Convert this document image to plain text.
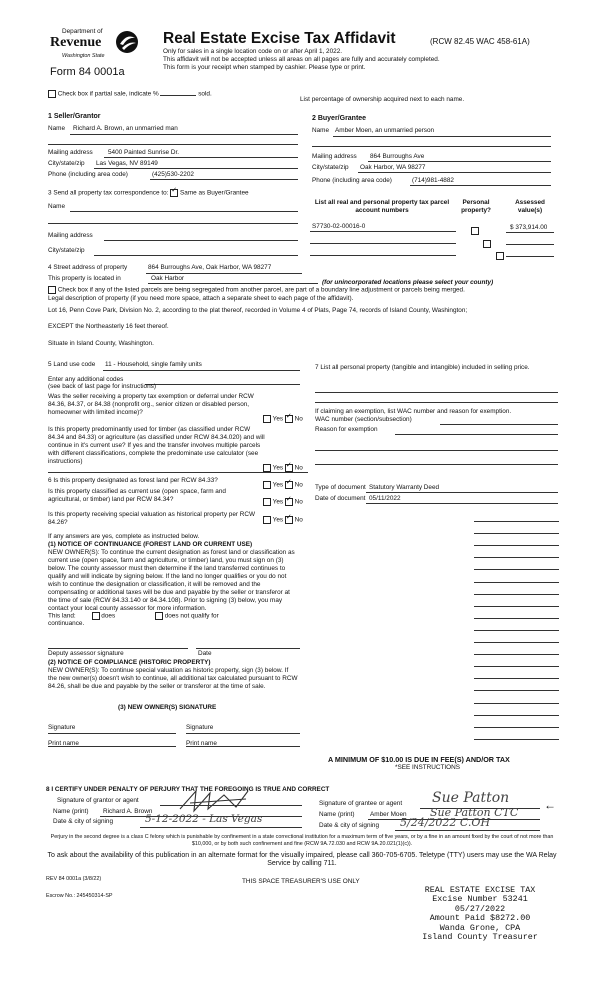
Department of
Revenue
Washington State
Form 84 0001a
Real Estate Excise Tax Affidavit	(RCW 82.45 WAC 458-61A)
Only for sales in a single location code on or after April 1, 2022.
This affidavit will not be accepted unless all areas on all pages are fully and accurately completed.
This form is your receipt when stamped by cashier. Please type or print.
Check box if partial sale, indicate %	sold.
List percentage of ownership acquired next to each name.
1 Seller/Grantor
Name Richard A. Brown, an unmarried man
Mailing address 5400 Painted Sunrise Dr.
City/state/zip Las Vegas, NV 89149
Phone (including area code)	(425)530-2202
2 Buyer/Grantee
Name Amber Moen, an unmarried person
Mailing address 864 Burroughs Ave
City/state/zip Oak Harbor, WA 98277
Phone (including area code)	(714)981-4882
3 Send all property tax correspondence to: ✓ Same as Buyer/Grantee
Name
Mailing address
City/state/zip
List all real and personal property tax parcel account numbers
Personal property?
Assessed value(s)
S7730-02-00016-0
	$ 373,914.00

4 Street address of property	864 Burroughs Ave, Oak Harbor, WA 98277
This property is located in	Oak Harbor
(for unincorporated locations please select your county)
Check box if any of the listed parcels are being segregated from another parcel, are part of a boundary line adjustment or parcels being merged.
Legal description of property (if you need more space, attach a separate sheet to each page of the affidavit).
Lot 16, Penn Cove Park, Division No. 2, according to the plat thereof, recorded in Volume 4 of Plats, Page 74, records of Island County, Washington;
EXCEPT the Northeasterly 16 feet thereof.
Situate in Island County, Washington.
5 Land use code 11 - Household, single family units
Enter any additional codes
(see back of last page for instructions)
Was the seller receiving a property tax exemption or deferral under RCW 84.36, 84.37, or 84.38 (nonprofit org., senior citizen or disabled person, homeowner with limited income)?
Yes ✓ No
Is this property predominantly used for timber (as classified under RCW 84.34 and 84.33) or agriculture (as classified under RCW 84.34.020) and will continue in it's current use? If yes and the transfer involves multiple parcels with different classifications, complete the predominate use calculator (see instructions)
Yes ✓ No
6 Is this property designated as forest land per RCW 84.33?
Yes ✓ No
Is this property classified as current use (open space, farm and agricultural, or timber) land per RCW 84.34?	Yes ✓ No
Is this property receiving special valuation as historical property per RCW 84.26?	Yes ✓ No
If any answers are yes, complete as instructed below.
(1) NOTICE OF CONTINUANCE (FOREST LAND OR CURRENT USE)
NEW OWNER(S): To continue the current designation as forest land or classification as current use (open space, farm and agriculture, or timber) land, you must sign on (3) below. The county assessor must then determine if the land transferred continues to qualify and will indicate by signing below. If the land no longer qualifies or you do not wish to continue the designation or classification, it will be removed and the compensating or additional taxes will be due and payable by the seller or transferor at the time of sale (RCW 84.33.140 or 84.34.108). Prior to signing (3) below, you may contact your local county assessor for more information.
This land:	does	does not qualify for
continuance.
Deputy assessor signature	Date
(2) NOTICE OF COMPLIANCE (HISTORIC PROPERTY)
NEW OWNER(S): To continue special valuation as historic property, sign (3) below. If the new owner(s) doesn't wish to continue, all additional tax calculated pursuant to RCW 84.26, shall be due and payable by the seller or transferor at the time of sale.
(3) NEW OWNER(S) SIGNATURE
Signature	Signature
Print name	Print name
7 List all personal property (tangible and intangible) included in selling price.
If claiming an exemption, list WAC number and reason for exemption.
WAC number (section/subsection)
Reason for exemption
Type of document Statutory Warranty Deed
Date of document 05/11/2022
A MINIMUM OF $10.00 IS DUE IN FEE(S) AND/OR TAX
*SEE INSTRUCTIONS
8 I CERTIFY UNDER PENALTY OF PERJURY THAT THE FOREGOING IS TRUE AND CORRECT
Signature of grantor or agent
Name (print) Richard A. Brown
Date & city of signing	5-12-2022 - Las Vegas
Signature of grantee or agent Sue Patton	←
Name (print) Amber Moen Sue Patton CTC
Date & city of signing 5/24/2022 C.OH
Perjury in the second degree is a class C felony which is punishable by confinement in a state correctional institution for a maximum term of five years, or by a fine in an amount fixed by the court of not more than $10,000, or by both such confinement and fine (RCW 9A.72.030 and RCW 9A.20.021(1)(c)).
To ask about the availability of this publication in an alternate format for the visually impaired, please call 360-705-6705. Teletype (TTY) users may use the WA Relay Service by calling 711.
REV 84 0001a (3/8/22)	THIS SPACE TREASURER'S USE ONLY
Escrow No.: 245450314-SP
REAL ESTATE EXCISE TAX
Excise Number 53241
05/27/2022
Amount Paid $8272.00
Wanda Grone, CPA
Island County Treasurer
